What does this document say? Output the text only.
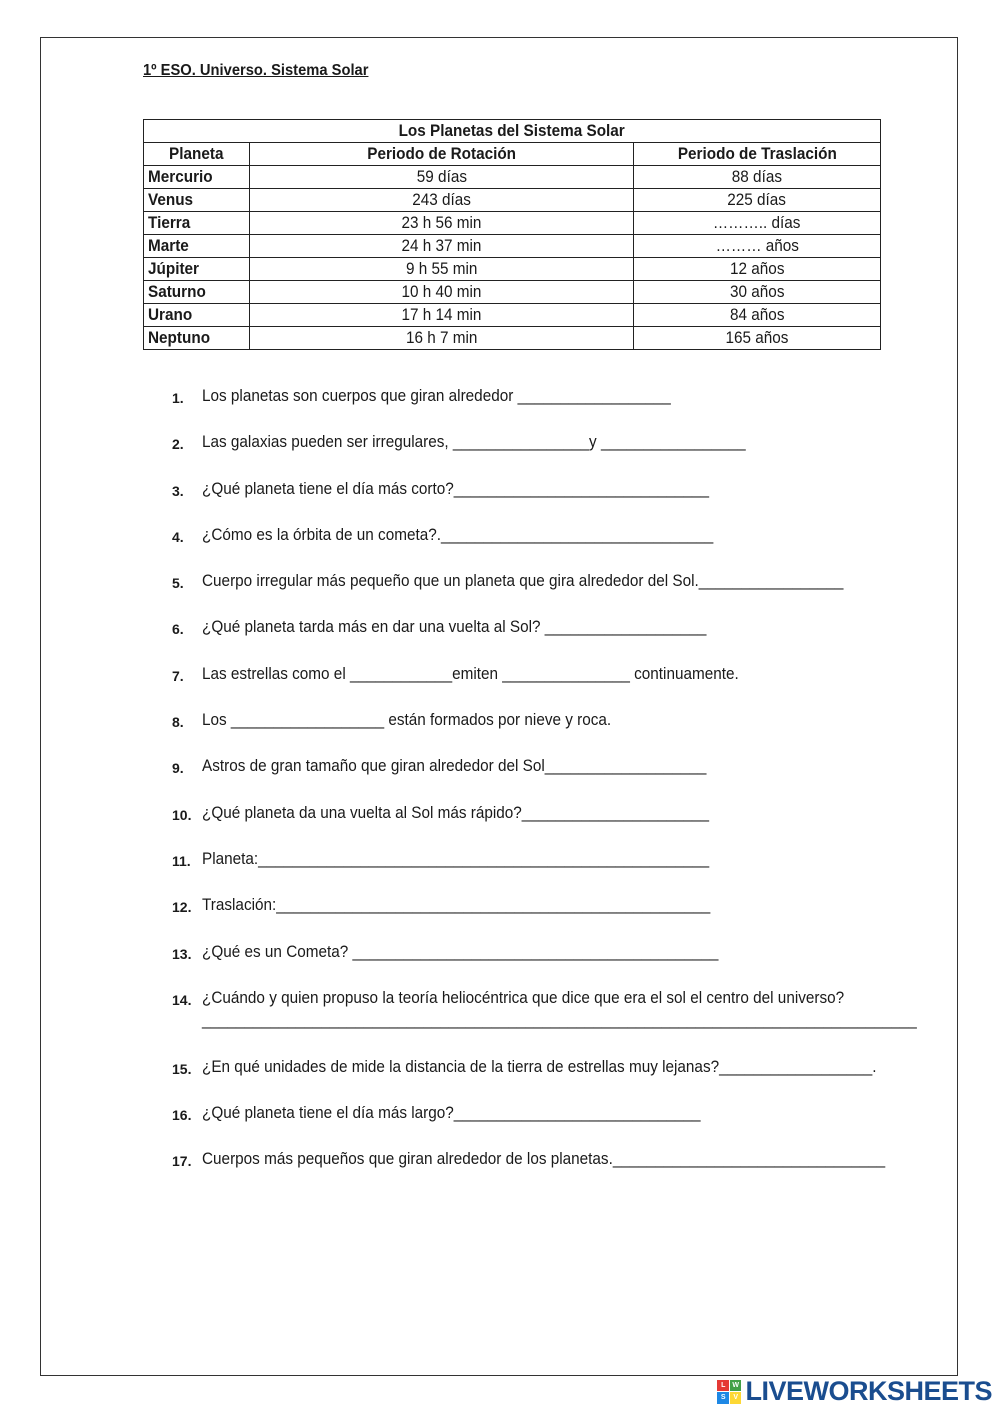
1º ESO. Universo. Sistema Solar
Los Planetas del Sistema Solar		
Planeta	Periodo de Rotación	Periodo de Traslación
Mercurio	59 días	88 días
Venus	243 días	225 días
Tierra	23 h 56 min	……….. días
Marte	24 h 37 min	……… años
Júpiter	9 h 55 min	12 años
Saturno	10 h 40 min	30 años
Urano	17 h 14 min	84 años
Neptuno	16 h 7 min	165 años
1. Los planetas son cuerpos que giran alrededor __________________
2. Las galaxias pueden ser irregulares, ________________y _________________
3. ¿Qué planeta tiene el día más corto?______________________________
4. ¿Cómo es la órbita de un cometa?.________________________________
5. Cuerpo irregular más pequeño que un planeta que gira alrededor del Sol._________________
6. ¿Qué planeta tarda más en dar una vuelta al Sol? ___________________
7. Las estrellas como el ____________emiten _______________ continuamente.
8. Los __________________ están formados por nieve y roca.
9. Astros de gran tamaño que giran alrededor del Sol___________________
10. ¿Qué planeta da una vuelta al Sol más rápido?______________________
11. Planeta:_____________________________________________________
12. Traslación:___________________________________________________
13. ¿Qué es un Cometa? ___________________________________________
14. ¿Cuándo y quien propuso la teoría heliocéntrica que dice que era el sol el centro del universo?
____________________________________________________________________________________
15. ¿En qué unidades de mide la distancia de la tierra de estrellas muy lejanas?__________________.
16. ¿Qué planeta tiene el día más largo?_____________________________
17. Cuerpos más pequeños que giran alrededor de los planetas.________________________________
L	W
S	V LIVEWORKSHEETS
